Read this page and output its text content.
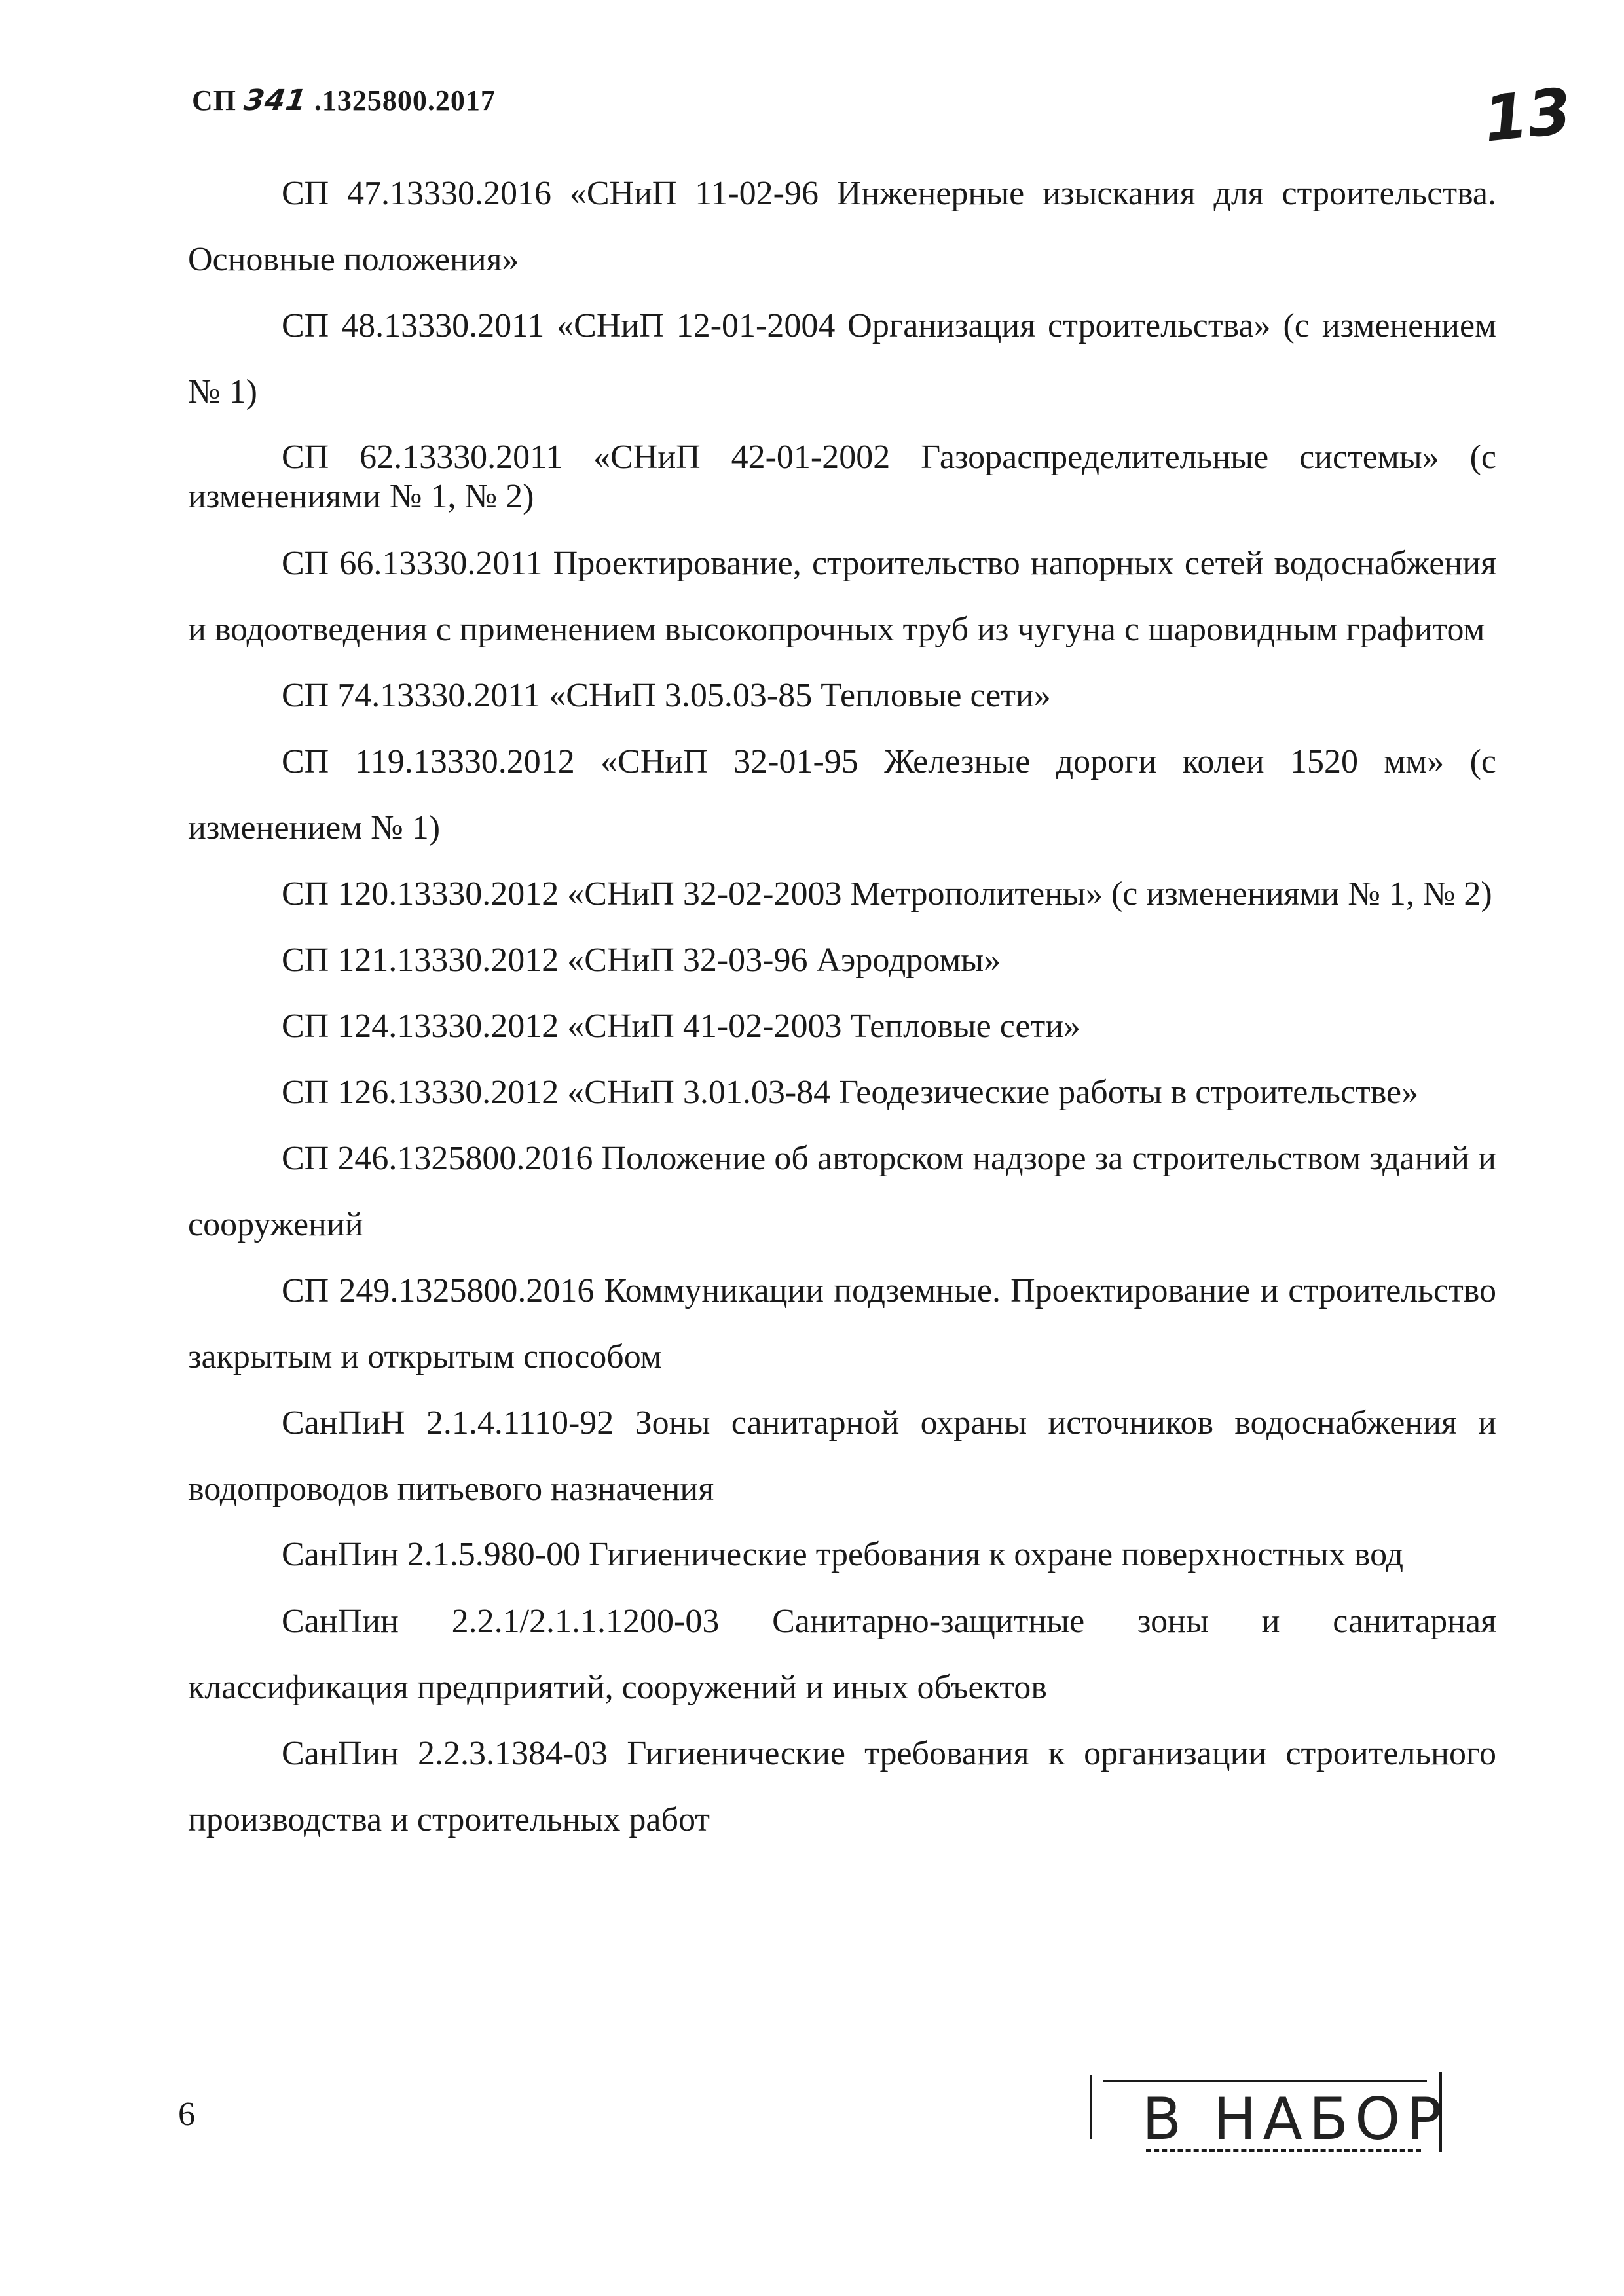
СП 341 .1325800.2017	13

СП 47.13330.2016 «СНиП 11-02-96 Инженерные изыскания для строительства. Основные положения»

СП 48.13330.2011 «СНиП 12-01-2004 Организация строительства» (с изменением № 1)

СП 62.13330.2011 «СНиП 42-01-2002 Газораспределительные системы» (с изменениями № 1, № 2)

СП 66.13330.2011 Проектирование, строительство напорных сетей водоснабжения и водоотведения с применением высокопрочных труб из чугуна с шаровидным графитом

СП 74.13330.2011 «СНиП 3.05.03-85 Тепловые сети»

СП 119.13330.2012 «СНиП 32-01-95 Железные дороги колеи 1520 мм» (с изменением № 1)

СП 120.13330.2012 «СНиП 32-02-2003 Метрополитены» (с изменениями № 1, № 2)

СП 121.13330.2012 «СНиП 32-03-96 Аэродромы»

СП 124.13330.2012 «СНиП 41-02-2003 Тепловые сети»

СП 126.13330.2012 «СНиП 3.01.03-84 Геодезические работы в строительстве»

СП 246.1325800.2016 Положение об авторском надзоре за строительством зданий и сооружений

СП 249.1325800.2016 Коммуникации подземные. Проектирование и строительство закрытым и открытым способом

СанПиН 2.1.4.1110-92 Зоны санитарной охраны источников водоснабжения и водопроводов питьевого назначения

СанПин 2.1.5.980-00 Гигиенические требования к охране поверхностных вод

СанПин 2.2.1/2.1.1.1200-03 Санитарно-защитные зоны и санитарная классификация предприятий, сооружений и иных объектов

СанПин 2.2.3.1384-03 Гигиенические требования к организации строительного производства и строительных работ

6	В НАБОР
